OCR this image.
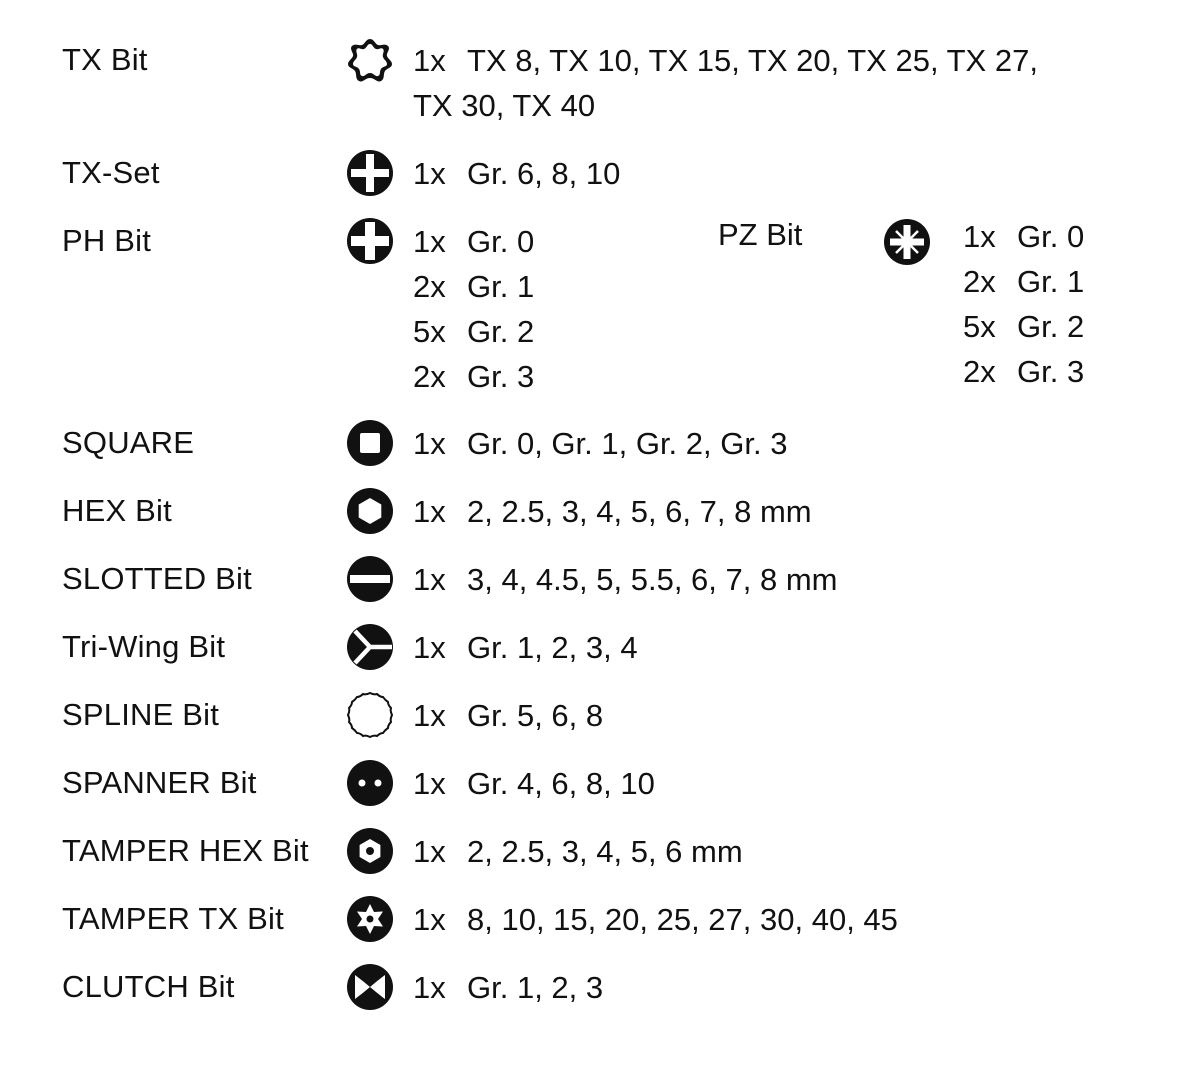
TX Bit	1x TX 8, TX 10, TX 15, TX 20, TX 25, TX 27,
TX 30, TX 40
TX-Set	1x Gr. 6, 8, 10
PH Bit	1x Gr. 0
2x Gr. 1
5x Gr. 2
2x Gr. 3
PZ Bit	1x Gr. 0
2x Gr. 1
5x Gr. 2
2x Gr. 3
SQUARE	1x Gr. 0, Gr. 1, Gr. 2, Gr. 3
HEX Bit	1x 2, 2.5, 3, 4, 5, 6, 7, 8 mm
SLOTTED Bit	1x 3, 4, 4.5, 5, 5.5, 6, 7, 8 mm
Tri-Wing Bit	1x Gr. 1, 2, 3, 4
SPLINE Bit	1x Gr. 5, 6, 8
SPANNER Bit	1x Gr. 4, 6, 8, 10
TAMPER HEX Bit	1x 2, 2.5, 3, 4, 5, 6 mm
TAMPER TX Bit	1x 8, 10, 15, 20, 25, 27, 30, 40, 45
CLUTCH Bit	1x Gr. 1, 2, 3
